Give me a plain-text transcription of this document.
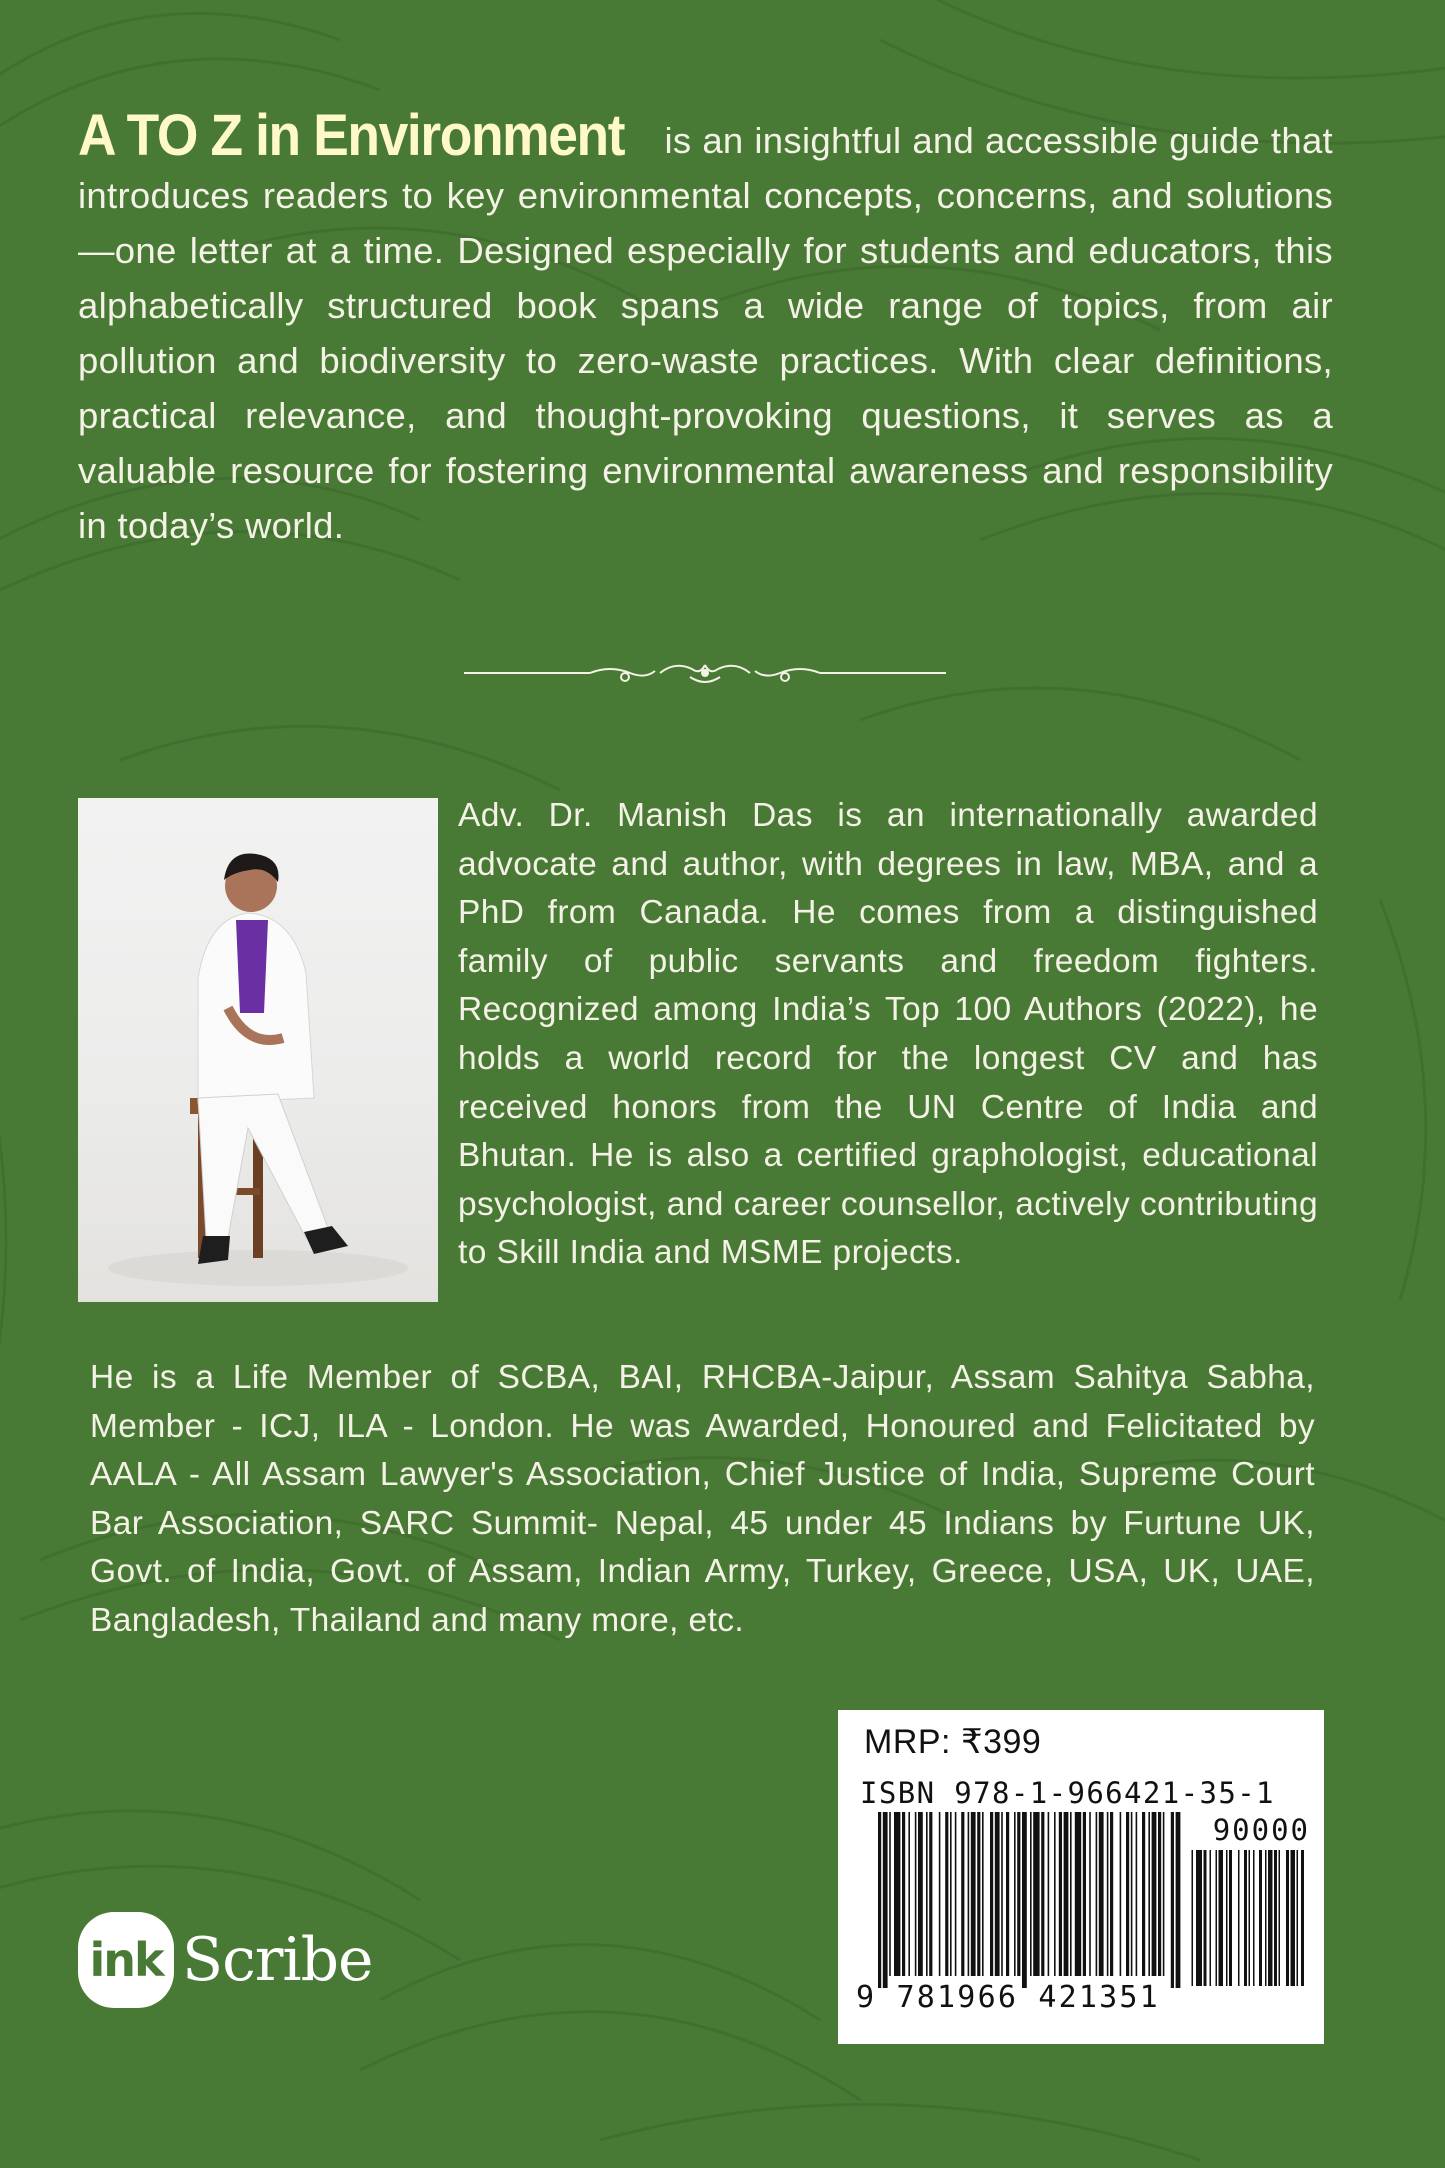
A TO Z in Environment is an insightful and accessible guide that introduces readers to key environmental concepts, concerns, and solutions—one letter at a time. Designed especially for students and educators, this alphabetically structured book spans a wide range of topics, from air pollution and biodiversity to zero-waste practices. With clear definitions, practical relevance, and thought-provoking questions, it serves as a valuable resource for fostering environmental awareness and responsibility in today’s world.
Adv. Dr. Manish Das is an internationally awarded advocate and author, with degrees in law, MBA, and a PhD from Canada. He comes from a distinguished family of public servants and freedom fighters. Recognized among India’s Top 100 Authors (2022), he holds a world record for the longest CV and has received honors from the UN Centre of India and Bhutan. He is also a certified graphologist, educational psychologist, and career counsellor, actively contributing to Skill India and MSME projects.
He is a Life Member of SCBA, BAI, RHCBA-Jaipur, Assam Sahitya Sabha, Member - ICJ, ILA - London. He was Awarded, Honoured and Felicitated by AALA - All Assam Lawyer's Association, Chief Justice of India, Supreme Court Bar Association, SARC Summit- Nepal, 45 under 45 Indians by Furtune UK, Govt. of India, Govt. of Assam, Indian Army, Turkey, Greece, USA, UK, UAE, Bangladesh, Thailand and many more, etc.
ink Scribe
MRP: ₹399
ISBN 978-1-966421-35-1
90000
9 781966 421351
